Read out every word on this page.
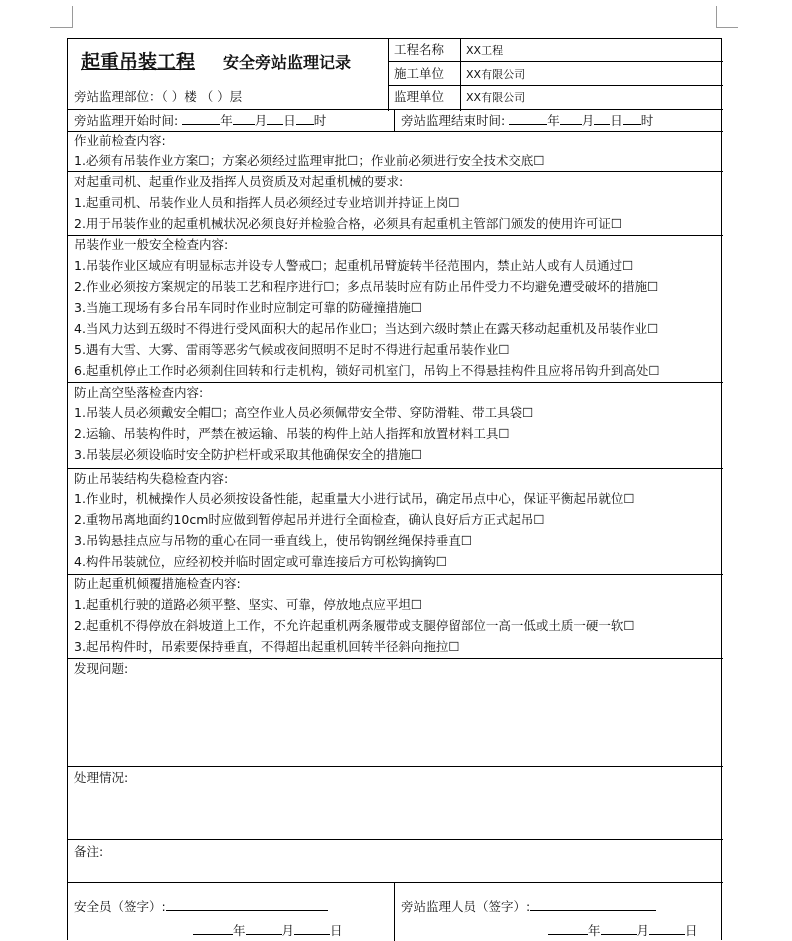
起重吊装工程 安全旁站监理记录
工程名称 XX工程
施工单位 XX有限公司
监理单位 XX有限公司
旁站监理部位：（ ）楼 （ ）层
旁站监理开始时间:	年 月 日 时	旁站监理结束时间:	年 月 日 时
作业前检查内容:
1.必须有吊装作业方案☐；方案必须经过监理审批☐；作业前必须进行安全技术交底☐
对起重司机、起重作业及指挥人员资质及对起重机械的要求:
1.起重司机、吊装作业人员和指挥人员必须经过专业培训并持证上岗☐
2.用于吊装作业的起重机械状况必须良好并检验合格，必须具有起重机主管部门颁发的使用许可证☐
吊装作业一般安全检查内容:
1.吊装作业区域应有明显标志并设专人警戒☐；起重机吊臂旋转半径范围内，禁止站人或有人员通过☐
2.作业必须按方案规定的吊装工艺和程序进行☐；多点吊装时应有防止吊件受力不均避免遭受破坏的措施☐
3.当施工现场有多台吊车同时作业时应制定可靠的防碰撞措施☐
4.当风力达到五级时不得进行受风面积大的起吊作业☐；当达到六级时禁止在露天移动起重机及吊装作业☐
5.遇有大雪、大雾、雷雨等恶劣气候或夜间照明不足时不得进行起重吊装作业☐
6.起重机停止工作时必须刹住回转和行走机构，锁好司机室门，吊钩上不得悬挂构件且应将吊钩升到高处☐
防止高空坠落检查内容:
1.吊装人员必须戴安全帽☐；高空作业人员必须佩带安全带、穿防滑鞋、带工具袋☐
2.运输、吊装构件时，严禁在被运输、吊装的构件上站人指挥和放置材料工具☐
3.吊装层必须设临时安全防护栏杆或采取其他确保安全的措施☐
防止吊装结构失稳检查内容:
1.作业时，机械操作人员必须按设备性能，起重量大小进行试吊，确定吊点中心，保证平衡起吊就位☐
2.重物吊离地面约10cm时应做到暂停起吊并进行全面检查，确认良好后方正式起吊☐
3.吊钩悬挂点应与吊物的重心在同一垂直线上，使吊钩钢丝绳保持垂直☐
4.构件吊装就位，应经初校并临时固定或可靠连接后方可松钩摘钩☐
防止起重机倾覆措施检查内容:
1.起重机行驶的道路必须平整、坚实、可靠，停放地点应平坦☐
2.起重机不得停放在斜坡道上工作，不允许起重机两条履带或支腿停留部位一高一低或土质一硬一软☐
3.起吊构件时，吊索要保持垂直，不得超出起重机回转半径斜向拖拉☐
发现问题:
处理情况:
备注:
安全员（签字）:
年	月	日
旁站监理人员（签字）:
年	月	日
